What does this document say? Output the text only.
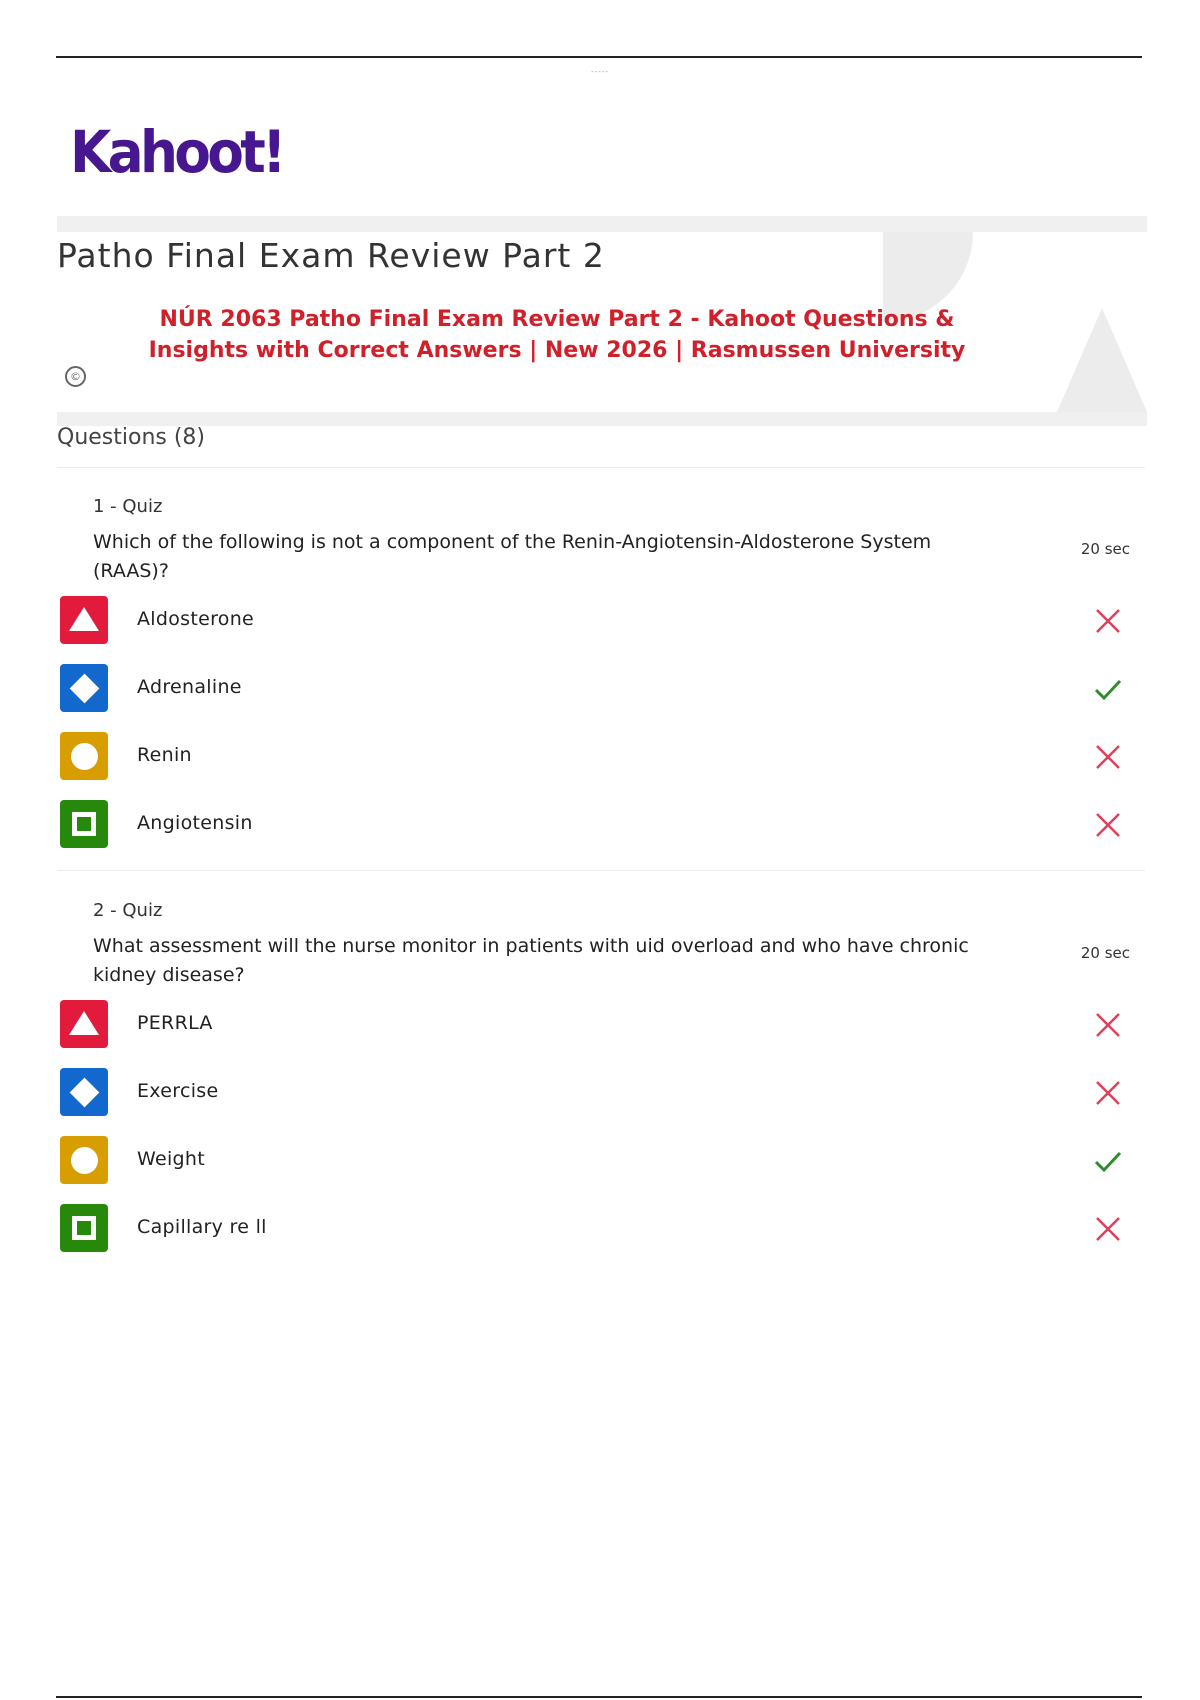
-----
Kahoot!
Patho Final Exam Review Part 2
NÚR 2063 Patho Final Exam Review Part 2 - Kahoot Questions & Insights with Correct Answers | New 2026 | Rasmussen University
©
Questions (8)
1 - Quiz
Which of the following is not a component of the Renin-Angiotensin-Aldosterone System (RAAS)?
20 sec
Aldosterone
Adrenaline
Renin
Angiotensin
2 - Quiz
What assessment will the nurse monitor in patients with uid overload and who have chronic kidney disease?
20 sec
PERRLA
Exercise
Weight
Capillary re ll
